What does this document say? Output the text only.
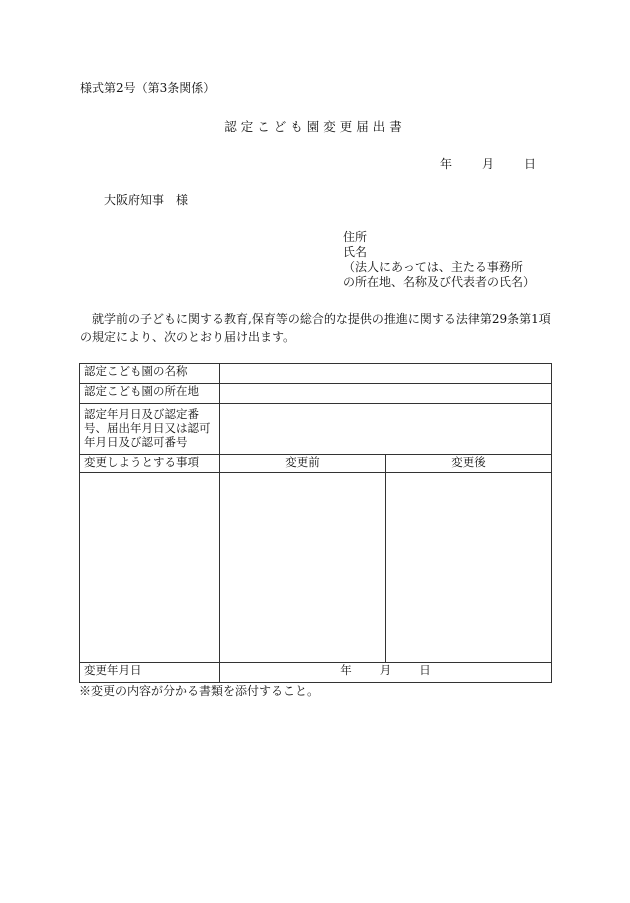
様式第2号（第3条関係）
認定こども園変更届出書
年	月	日
大阪府知事　様
住所
氏名
（法人にあっては、主たる事務所
の所在地、名称及び代表者の氏名）
就学前の子どもに関する教育,保育等の総合的な提供の推進に関する法律第29条第1項の規定により、次のとおり届け出ます。
認定こども園の名称		
認定こども園の所在地		
認定年月日及び認定番号、届出年月日又は認可年月日及び認可番号		
変更しようとする事項	変更前	変更後

変更年月日	年 月 日	
※変更の内容が分かる書類を添付すること。
